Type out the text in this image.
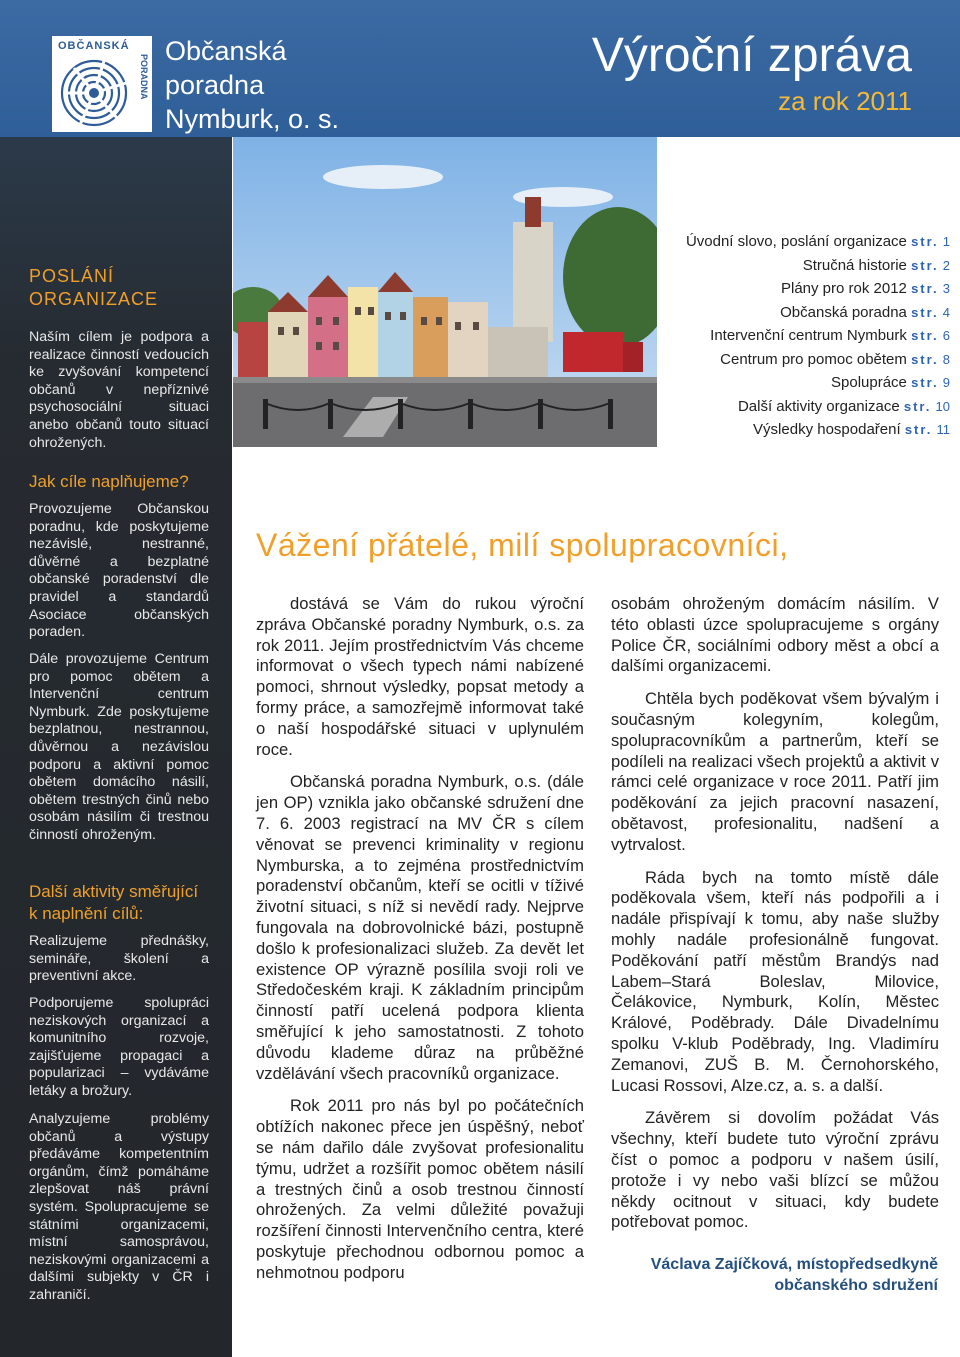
OBČANSKÁ
PORADNA
Občanská
poradna
Nymburk, o. s.
Výroční zpráva
za rok 2011
POSLÁNÍ
ORGANIZACE
Naším cílem je podpora a realizace činností vedoucích ke zvyšování kompetencí občanů v nepříznivé psychosociální situaci anebo občanů touto situací ohrožených.
Jak cíle naplňujeme?
Provozujeme Občanskou poradnu, kde poskytujeme nezávislé, nestranné, důvěrné a bezplatné občanské poradenství dle pravidel a standardů Asociace občanských poraden.
Dále provozujeme Centrum pro pomoc obětem a Intervenční centrum Nymburk. Zde poskytujeme bezplatnou, nestrannou, důvěrnou a nezávislou podporu a aktivní pomoc obětem domácího násilí, obětem trestných činů nebo osobám násilím či trestnou činností ohroženým.
Další aktivity směřující
k naplnění cílů:
Realizujeme přednášky, semináře, školení a preventivní akce.
Podporujeme spolupráci neziskových organizací a komunitního rozvoje, zajišťujeme propagaci a popularizaci – vydáváme letáky a brožury.
Analyzujeme problémy občanů a výstupy předáváme kompetentním orgánům, čímž pomáháme zlepšovat náš právní systém. Spolupracujeme se státními organizacemi, místní samosprávou, neziskovými organizacemi a dalšími subjekty v ČR i zahraničí.
Úvodní slovo, poslání organizace str. 1
Stručná historie str. 2
Plány pro rok 2012 str. 3
Občanská poradna str. 4
Intervenční centrum Nymburk str. 6
Centrum pro pomoc obětem str. 8
Spolupráce str. 9
Další aktivity organizace str. 10
Výsledky hospodaření str. 11
Vážení přátelé, milí spolupracovníci,

dostává se Vám do rukou výroční zpráva Občanské poradny Nymburk, o.s. za rok 2011. Jejím prostřednictvím Vás chceme informovat o všech typech námi nabízené pomoci, shrnout výsledky, popsat metody a formy práce, a samozřejmě informovat také o naší hospodářské situaci v uplynulém roce.

Občanská poradna Nymburk, o.s. (dále jen OP) vznikla jako občanské sdružení dne 7. 6. 2003 registrací na MV ČR s cílem věnovat se prevenci kriminality v regionu Nymburska, a to zejména prostřednictvím poradenství občanům, kteří se ocitli v tíživé životní situaci, s níž si nevědí rady. Nejprve fungovala na dobrovolnické bázi, postupně došlo k profesionalizaci služeb. Za devět let existence OP výrazně posílila svoji roli ve Středočeském kraji. K základním principům činností patří ucelená podpora klienta směřující k jeho samostatnosti. Z tohoto důvodu klademe důraz na průběžné vzdělávání všech pracovníků organizace.

Rok 2011 pro nás byl po počátečních obtížích nakonec přece jen úspěšný, neboť se nám dařilo dále zvyšovat profesionalitu týmu, udržet a rozšířit pomoc obětem násilí a trestných činů a osob trestnou činností ohrožených. Za velmi důležité považuji rozšíření činnosti Intervenčního centra, které poskytuje přechodnou odbornou pomoc a nehmotnou podporu

osobám ohroženým domácím násilím. V této oblasti úzce spolupracujeme s orgány Police ČR, sociálními odbory měst a obcí a dalšími organizacemi.

Chtěla bych poděkovat všem bývalým i současným kolegyním, kolegům, spolupracovníkům a partnerům, kteří se podíleli na realizaci všech projektů a aktivit v rámci celé organizace v roce 2011. Patří jim poděkování za jejich pracovní nasazení, obětavost, profesionalitu, nadšení a vytrvalost.

Ráda bych na tomto místě dále poděkovala všem, kteří nás podpořili a i nadále přispívají k tomu, aby naše služby mohly nadále profesionálně fungovat. Poděkování patří městům Brandýs nad Labem–Stará Boleslav, Milovice, Čelákovice, Nymburk, Kolín, Městec Králové, Poděbrady. Dále Divadelnímu spolku V-klub Poděbrady, Ing. Vladimíru Zemanovi, ZUŠ B. M. Černohorského, Lucasi Rossovi, Alze.cz, a. s. a další.

Závěrem si dovolím požádat Vás všechny, kteří budete tuto výroční zprávu číst o pomoc a podporu v našem úsilí, protože i vy nebo vaši blízcí se můžou někdy ocitnout v situaci, kdy budete potřebovat pomoc.

Václava Zajíčková, místopředsedkyně
občanského sdružení
